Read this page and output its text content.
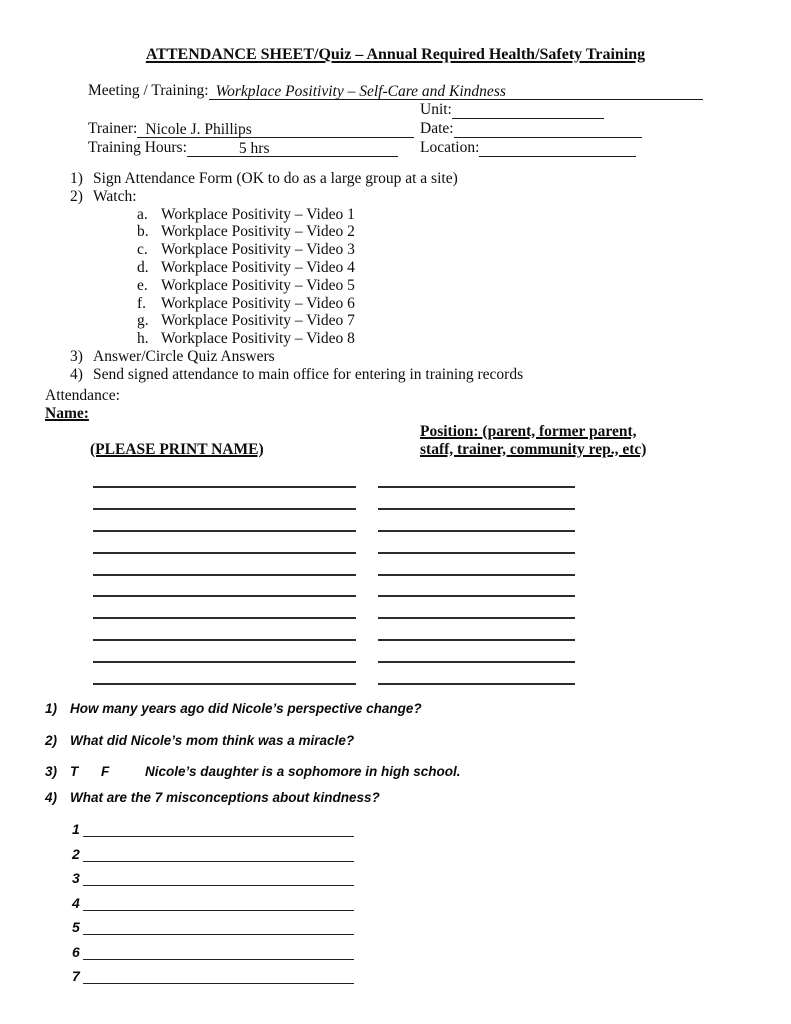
ATTENDANCE SHEET/Quiz – Annual Required Health/Safety Training
Meeting / Training: Workplace Positivity – Self-Care and Kindness
Unit:
Trainer: Nicole J. Phillips	Date:
Training Hours:	5 hrs	Location:
1) Sign Attendance Form (OK to do as a large group at a site)
2) Watch:
a. Workplace Positivity – Video 1
b. Workplace Positivity – Video 2
c. Workplace Positivity – Video 3
d. Workplace Positivity – Video 4
e. Workplace Positivity – Video 5
f. Workplace Positivity – Video 6
g. Workplace Positivity – Video 7
h. Workplace Positivity – Video 8
3) Answer/Circle Quiz Answers
4) Send signed attendance to main office for entering in training records
Attendance:
Name:
(PLEASE PRINT NAME)
Position: (parent, former parent,
staff, trainer, community rep., etc)
1) How many years ago did Nicole’s perspective change?
2) What did Nicole’s mom think was a miracle?
3) T	F	Nicole’s daughter is a sophomore in high school.
4) What are the 7 misconceptions about kindness?
1
2
3
4
5
6
7
